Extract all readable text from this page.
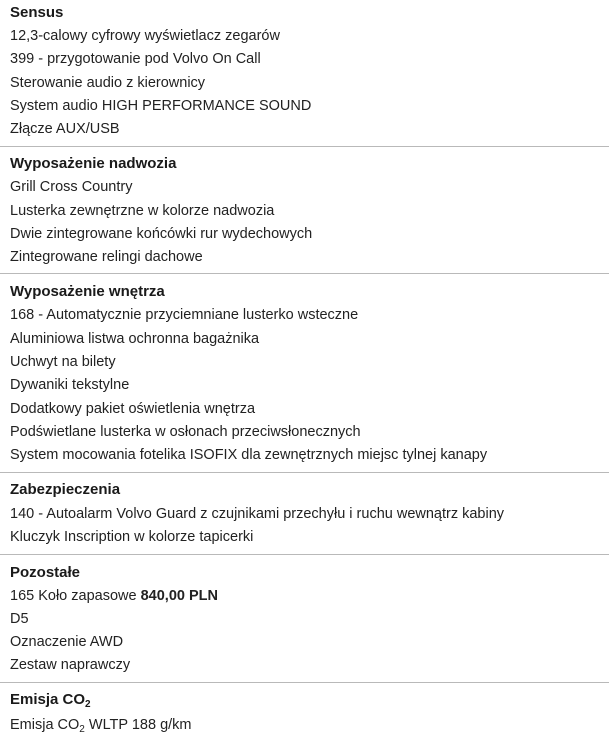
Sensus
12,3-calowy cyfrowy wyświetlacz zegarów
399 - przygotowanie pod Volvo On Call
Sterowanie audio z kierownicy
System audio HIGH PERFORMANCE SOUND
Złącze AUX/USB
Wyposażenie nadwozia
Grill Cross Country
Lusterka zewnętrzne w kolorze nadwozia
Dwie zintegrowane końcówki rur wydechowych
Zintegrowane relingi dachowe
Wyposażenie wnętrza
168 - Automatycznie przyciemniane lusterko wsteczne
Aluminiowa listwa ochronna bagażnika
Uchwyt na bilety
Dywaniki tekstylne
Dodatkowy pakiet oświetlenia wnętrza
Podświetlane lusterka w osłonach przeciwsłonecznych
System mocowania fotelika ISOFIX dla zewnętrznych miejsc tylnej kanapy
Zabezpieczenia
140 - Autoalarm Volvo Guard z czujnikami przechyłu i ruchu wewnątrz kabiny
Kluczyk Inscription w kolorze tapicerki
Pozostałe
165 Koło zapasowe 840,00 PLN
D5
Oznaczenie AWD
Zestaw naprawczy
Emisja $CO_2$
Emisja $CO_2$ WLTP 188 g/km
